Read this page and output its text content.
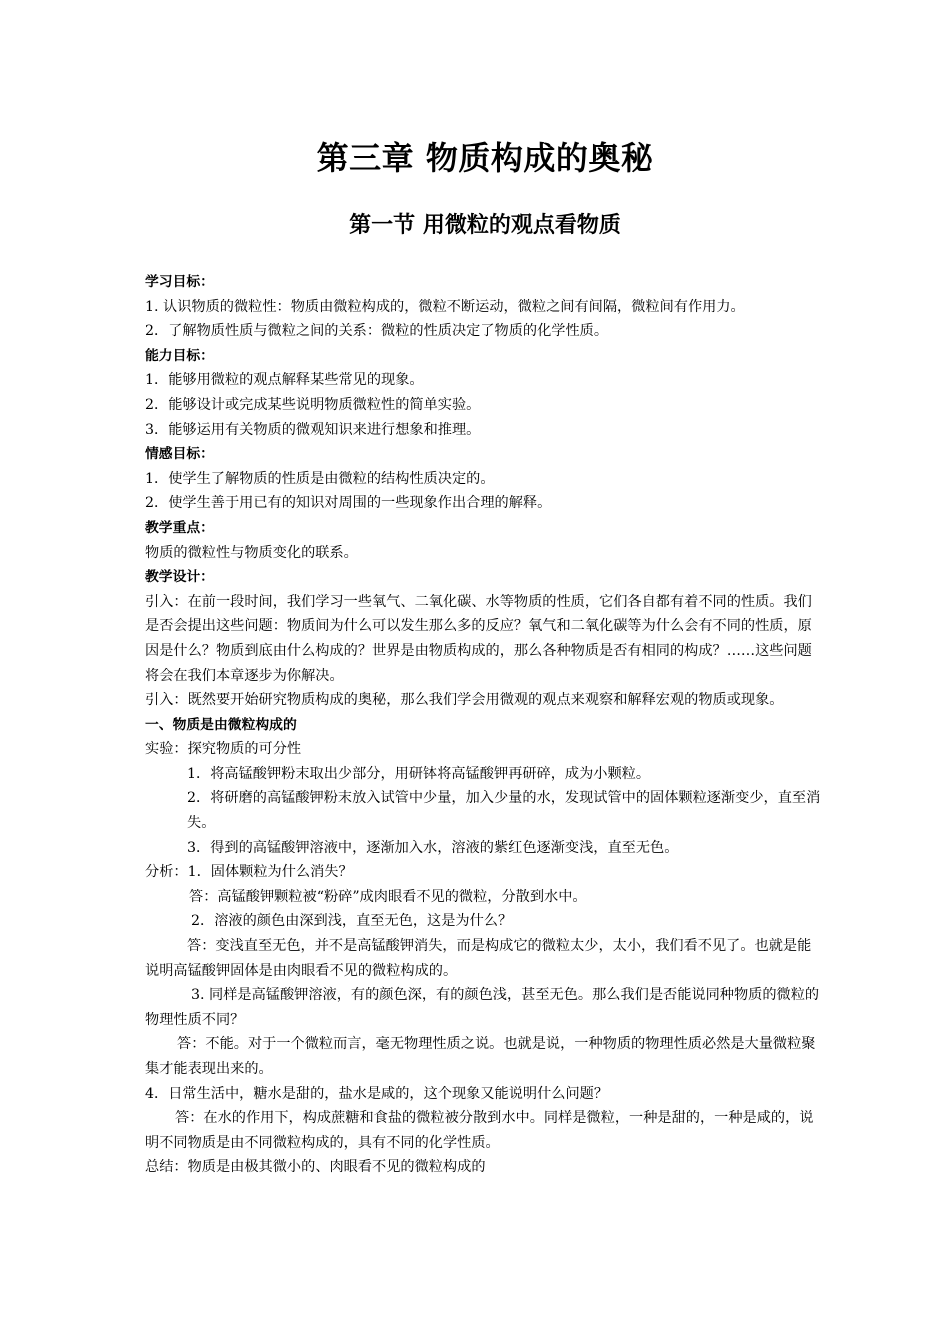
第三章 物质构成的奥秘
第一节 用微粒的观点看物质
学习目标：
1. 认识物质的微粒性：物质由微粒构成的，微粒不断运动，微粒之间有间隔，微粒间有作用力。
2．了解物质性质与微粒之间的关系：微粒的性质决定了物质的化学性质。
能力目标：
1．能够用微粒的观点解释某些常见的现象。
2．能够设计或完成某些说明物质微粒性的简单实验。
3．能够运用有关物质的微观知识来进行想象和推理。
情感目标：
1．使学生了解物质的性质是由微粒的结构性质决定的。
2．使学生善于用已有的知识对周围的一些现象作出合理的解释。
教学重点：
物质的微粒性与物质变化的联系。
教学设计：
引入：在前一段时间，我们学习一些氧气、二氧化碳、水等物质的性质，它们各自都有着不同的性质。我们是否会提出这些问题：物质间为什么可以发生那么多的反应？氧气和二氧化碳等为什么会有不同的性质，原因是什么？物质到底由什么构成的？世界是由物质构成的，那么各种物质是否有相同的构成？……这些问题将会在我们本章逐步为你解决。
引入：既然要开始研究物质构成的奥秘，那么我们学会用微观的观点来观察和解释宏观的物质或现象。
一、物质是由微粒构成的
实验：探究物质的可分性
1．将高锰酸钾粉末取出少部分，用研钵将高锰酸钾再研碎，成为小颗粒。
2．将研磨的高锰酸钾粉末放入试管中少量，加入少量的水，发现试管中的固体颗粒逐渐变少，直至消失。
3．得到的高锰酸钾溶液中，逐渐加入水，溶液的紫红色逐渐变浅，直至无色。
分析：1．固体颗粒为什么消失？
答：高锰酸钾颗粒被“粉碎”成肉眼看不见的微粒，分散到水中。
2．溶液的颜色由深到浅，直至无色，这是为什么？
答：变浅直至无色，并不是高锰酸钾消失，而是构成它的微粒太少，太小，我们看不见了。也就是能说明高锰酸钾固体是由肉眼看不见的微粒构成的。
3. 同样是高锰酸钾溶液，有的颜色深，有的颜色浅，甚至无色。那么我们是否能说同种物质的微粒的物理性质不同？
答：不能。对于一个微粒而言，毫无物理性质之说。也就是说，一种物质的物理性质必然是大量微粒聚集才能表现出来的。
4．日常生活中，糖水是甜的，盐水是咸的，这个现象又能说明什么问题？
答：在水的作用下，构成蔗糖和食盐的微粒被分散到水中。同样是微粒，一种是甜的，一种是咸的，说明不同物质是由不同微粒构成的，具有不同的化学性质。
总结：物质是由极其微小的、肉眼看不见的微粒构成的
